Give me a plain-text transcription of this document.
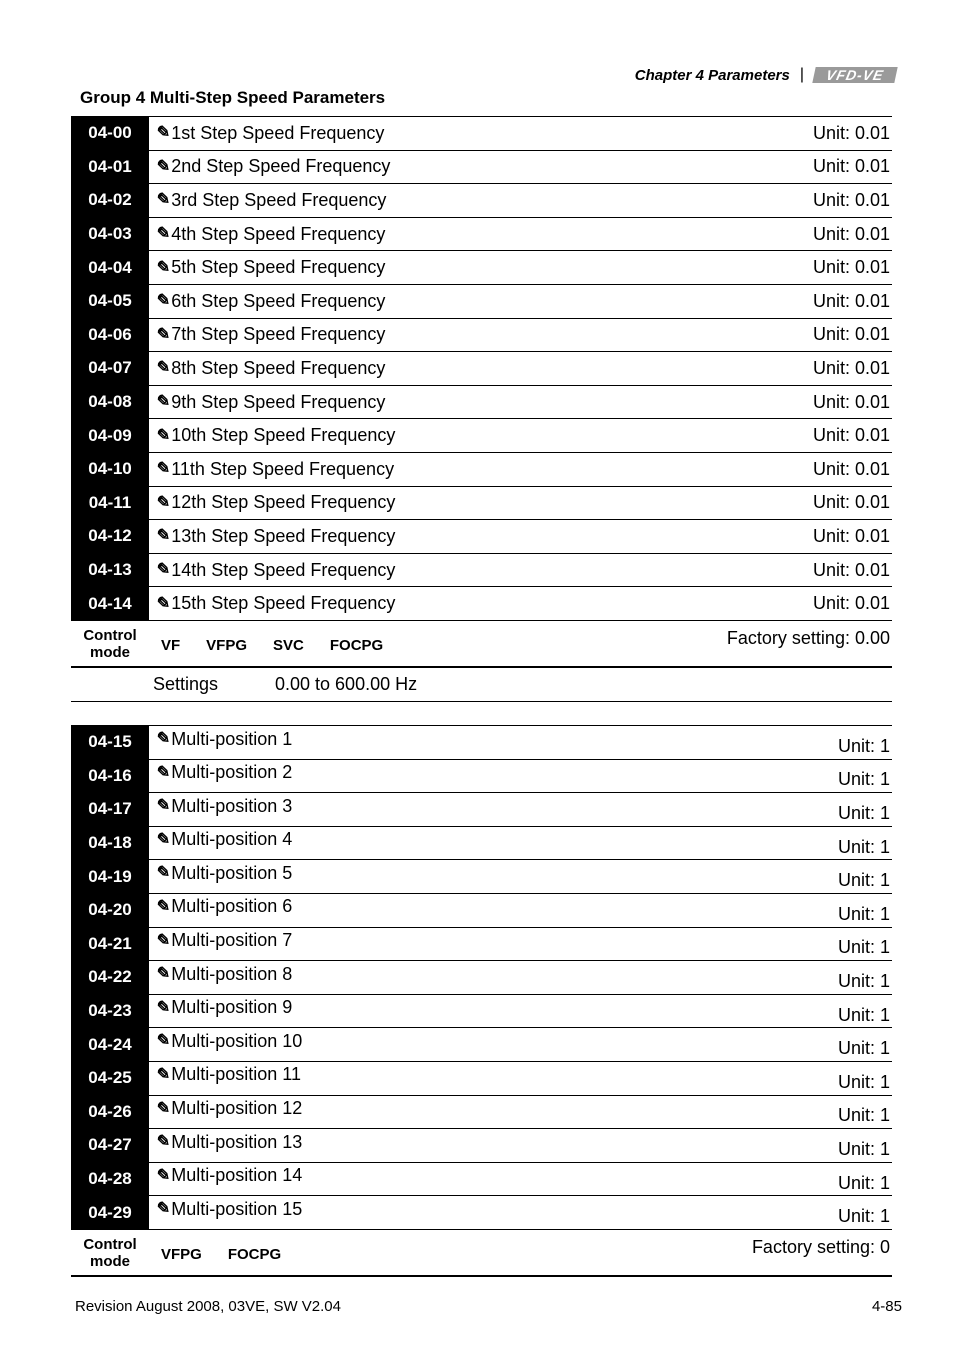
Chapter 4 Parameters |	VFD-VE
Group 4 Multi-Step Speed Parameters
04-00	✎ 1st Step Speed Frequency	Unit: 0.01
04-01	✎ 2nd Step Speed Frequency	Unit: 0.01
04-02	✎ 3rd Step Speed Frequency	Unit: 0.01
04-03	✎ 4th Step Speed Frequency	Unit: 0.01
04-04	✎ 5th Step Speed Frequency	Unit: 0.01
04-05	✎ 6th Step Speed Frequency	Unit: 0.01
04-06	✎ 7th Step Speed Frequency	Unit: 0.01
04-07	✎ 8th Step Speed Frequency	Unit: 0.01
04-08	✎ 9th Step Speed Frequency	Unit: 0.01
04-09	✎ 10th Step Speed Frequency	Unit: 0.01
04-10	✎ 11th Step Speed Frequency	Unit: 0.01
04-11	✎ 12th Step Speed Frequency	Unit: 0.01
04-12	✎ 13th Step Speed Frequency	Unit: 0.01
04-13	✎ 14th Step Speed Frequency	Unit: 0.01
04-14	✎ 15th Step Speed Frequency	Unit: 0.01
Control
mode	VF VFPG SVC FOCPG	Factory setting: 0.00
Settings	0.00 to 600.00 Hz
04-15	✎ Multi-position 1	Unit: 1
04-16	✎ Multi-position 2	Unit: 1
04-17	✎ Multi-position 3	Unit: 1
04-18	✎ Multi-position 4	Unit: 1
04-19	✎ Multi-position 5	Unit: 1
04-20	✎ Multi-position 6	Unit: 1
04-21	✎ Multi-position 7	Unit: 1
04-22	✎ Multi-position 8	Unit: 1
04-23	✎ Multi-position 9	Unit: 1
04-24	✎ Multi-position 10	Unit: 1
04-25	✎ Multi-position 11	Unit: 1
04-26	✎ Multi-position 12	Unit: 1
04-27	✎ Multi-position 13	Unit: 1
04-28	✎ Multi-position 14	Unit: 1
04-29	✎ Multi-position 15	Unit: 1
Control
mode	VFPG FOCPG	Factory setting: 0
Revision August 2008, 03VE, SW V2.04	4-85
